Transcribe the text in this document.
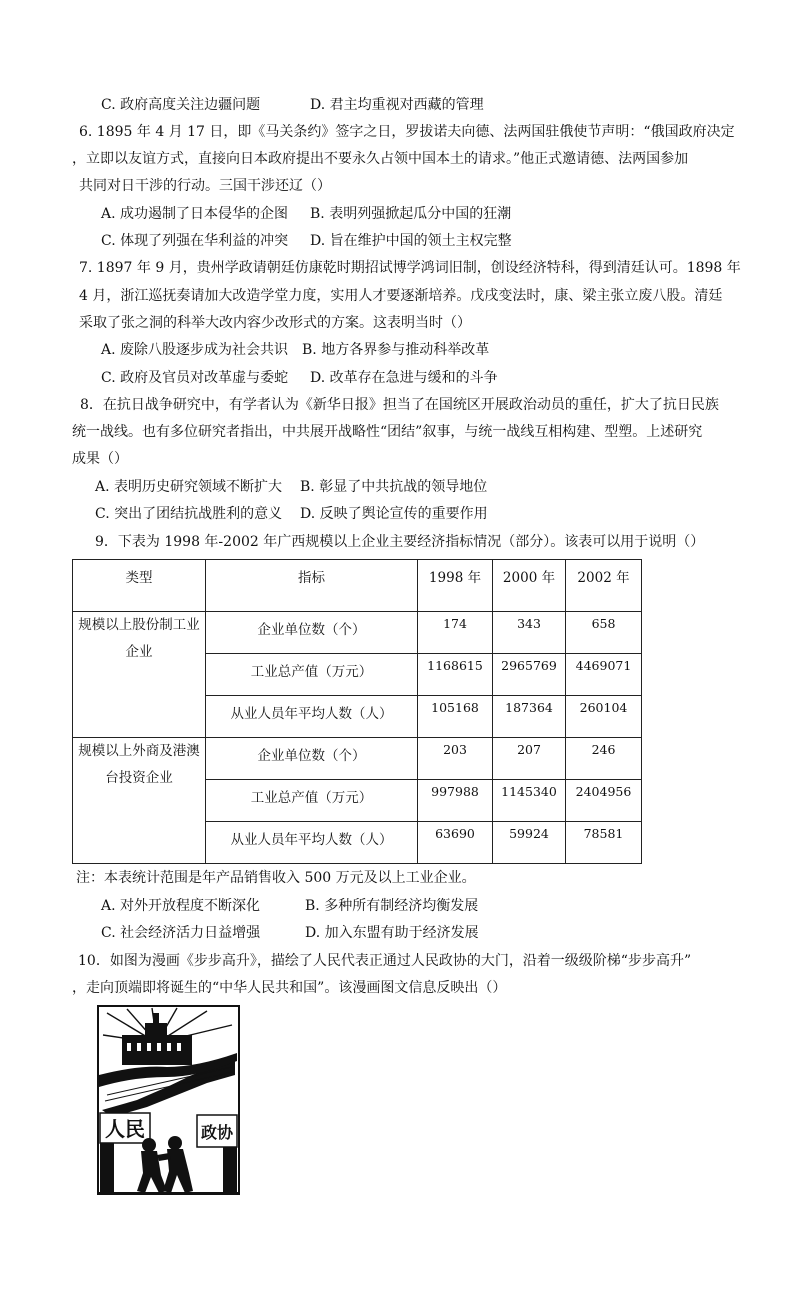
C. 政府高度关注边疆问题	D. 君主均重视对西藏的管理
6. 1895 年 4 月 17 日，即《马关条约》签字之日，罗拔诺夫向德、法两国驻俄使节声明：“俄国政府决定
，立即以友谊方式，直接向日本政府提出不要永久占领中国本土的请求。”他正式邀请德、法两国参加
共同对日干涉的行动。三国干涉还辽（）
A. 成功遏制了日本侵华的企图 B. 表明列强掀起瓜分中国的狂潮
C. 体现了列强在华利益的冲突 D. 旨在维护中国的领土主权完整
7. 1897 年 9 月，贵州学政请朝廷仿康乾时期招试博学鸿词旧制，创设经济特科，得到清廷认可。1898 年
4 月，浙江巡抚奏请加大改造学堂力度，实用人才要逐渐培养。戊戌变法时，康、梁主张立废八股。清廷
采取了张之洞的科举大改内容少改形式的方案。这表明当时（）
A. 废除八股逐步成为社会共识 B. 地方各界参与推动科举改革
C. 政府及官员对改革虚与委蛇 D. 改革存在急进与缓和的斗争
8．在抗日战争研究中，有学者认为《新华日报》担当了在国统区开展政治动员的重任，扩大了抗日民族
统一战线。也有多位研究者指出，中共展开战略性“团结”叙事，与统一战线互相构建、型塑。上述研究
成果（）
A. 表明历史研究领域不断扩大 B. 彰显了中共抗战的领导地位
C. 突出了团结抗战胜利的意义 D. 反映了舆论宣传的重要作用
9．下表为 1998 年-2002 年广西规模以上企业主要经济指标情况（部分）。该表可以用于说明（）
类型	指标	1998 年	2000 年	2002 年

规模以上股份制工业
企业	企业单位数（个）	174	343	658

	工业总产值（万元）	1168615	2965769	4469071

	从业人员年平均人数（人）	105168	187364	260104

规模以上外商及港澳
台投资企业	企业单位数（个）	203	207	246

	工业总产值（万元）	997988	1145340	2404956

	从业人员年平均人数（人）	63690	59924	78581
注：本表统计范围是年产品销售收入 500 万元及以上工业企业。
A. 对外开放程度不断深化	B. 多种所有制经济均衡发展
C. 社会经济活力日益增强	D. 加入东盟有助于经济发展
10．如图为漫画《步步高升》，描绘了人民代表正通过人民政协的大门，沿着一级级阶梯“步步高升”
，走向顶端即将诞生的“中华人民共和国”。该漫画图文信息反映出（）
人民	政协
